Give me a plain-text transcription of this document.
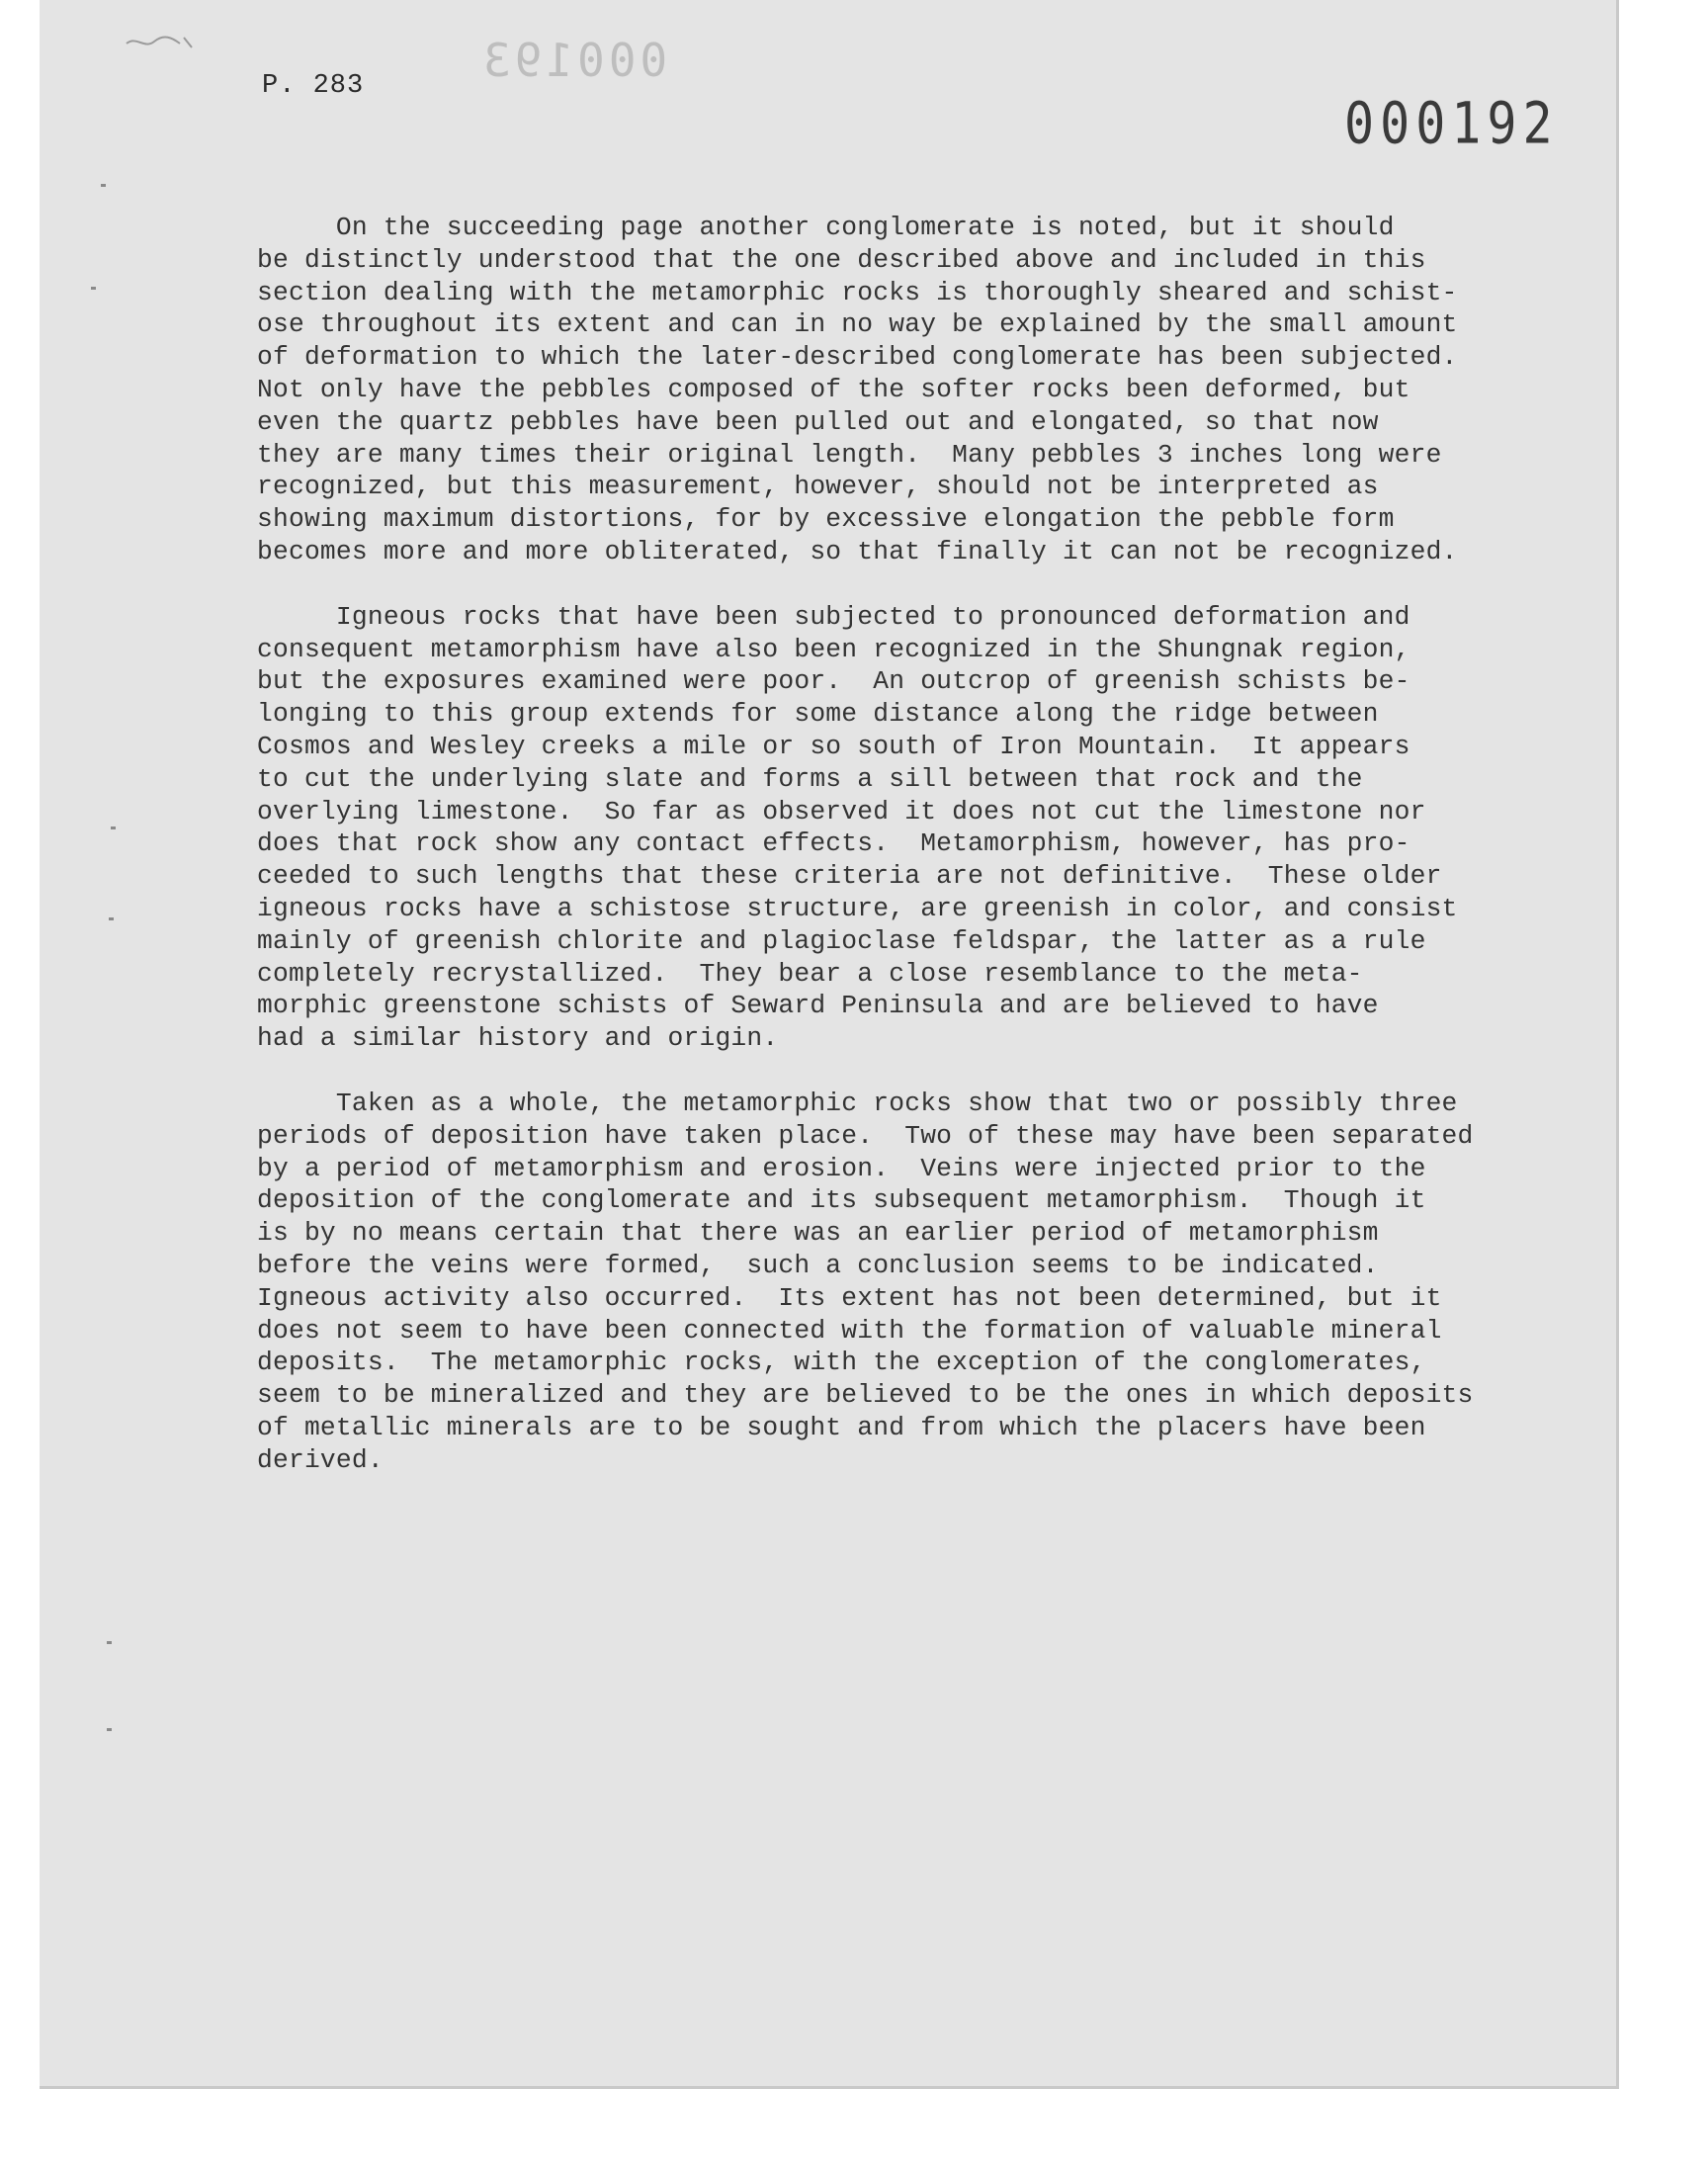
P. 283	000193
000192
On the succeeding page another conglomerate is noted, but it should
be distinctly understood that the one described above and included in this
section dealing with the metamorphic rocks is thoroughly sheared and schist-
ose throughout its extent and can in no way be explained by the small amount
of deformation to which the later-described conglomerate has been subjected.
Not only have the pebbles composed of the softer rocks been deformed, but
even the quartz pebbles have been pulled out and elongated, so that now
they are many times their original length.  Many pebbles 3 inches long were
recognized, but this measurement, however, should not be interpreted as
showing maximum distortions, for by excessive elongation the pebble form
becomes more and more obliterated, so that finally it can not be recognized.
Igneous rocks that have been subjected to pronounced deformation and
consequent metamorphism have also been recognized in the Shungnak region,
but the exposures examined were poor.  An outcrop of greenish schists be-
longing to this group extends for some distance along the ridge between
Cosmos and Wesley creeks a mile or so south of Iron Mountain.  It appears
to cut the underlying slate and forms a sill between that rock and the
overlying limestone.  So far as observed it does not cut the limestone nor
does that rock show any contact effects.  Metamorphism, however, has pro-
ceeded to such lengths that these criteria are not definitive.  These older
igneous rocks have a schistose structure, are greenish in color, and consist
mainly of greenish chlorite and plagioclase feldspar, the latter as a rule
completely recrystallized.  They bear a close resemblance to the meta-
morphic greenstone schists of Seward Peninsula and are believed to have
had a similar history and origin.
Taken as a whole, the metamorphic rocks show that two or possibly three
periods of deposition have taken place.  Two of these may have been separated
by a period of metamorphism and erosion.  Veins were injected prior to the
deposition of the conglomerate and its subsequent metamorphism.  Though it
is by no means certain that there was an earlier period of metamorphism
before the veins were formed,  such a conclusion seems to be indicated.
Igneous activity also occurred.  Its extent has not been determined, but it
does not seem to have been connected with the formation of valuable mineral
deposits.  The metamorphic rocks, with the exception of the conglomerates,
seem to be mineralized and they are believed to be the ones in which deposits
of metallic minerals are to be sought and from which the placers have been
derived.
